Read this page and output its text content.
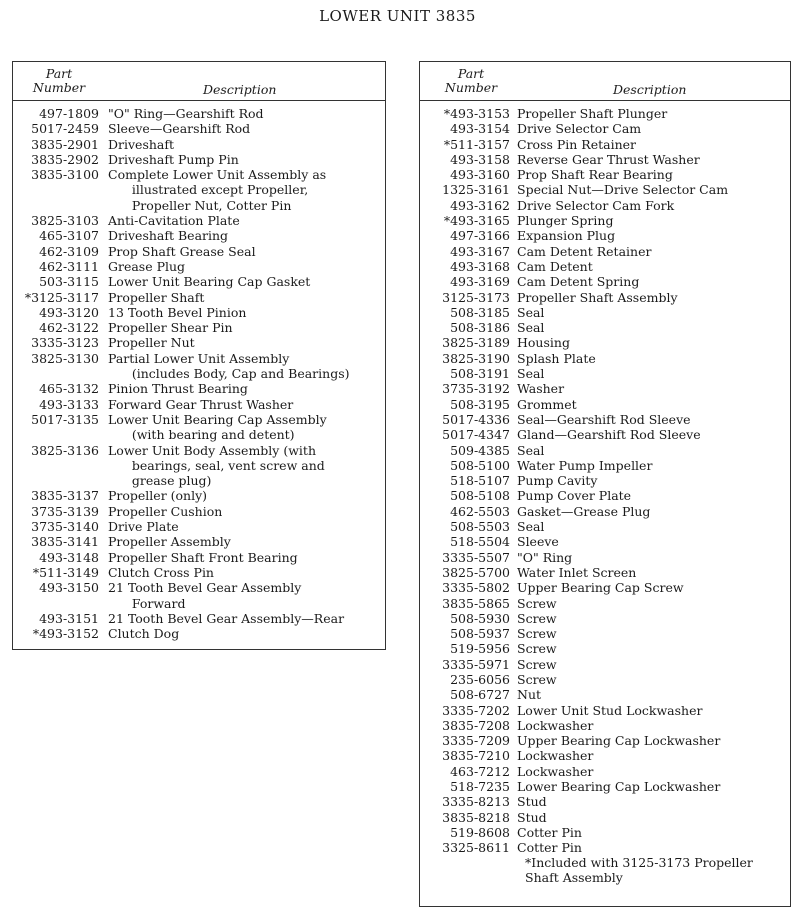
LOWER UNIT 3835
Part
Number	Description
497-1809 "O" Ring—Gearshift Rod
5017-2459 Sleeve—Gearshift Rod
3835-2901 Driveshaft
3835-2902 Driveshaft Pump Pin
3835-3100 Complete Lower Unit Assembly as
illustrated except Propeller,
Propeller Nut, Cotter Pin
3825-3103 Anti-Cavitation Plate
465-3107 Driveshaft Bearing
462-3109 Prop Shaft Grease Seal
462-3111 Grease Plug
503-3115 Lower Unit Bearing Cap Gasket
*3125-3117 Propeller Shaft
493-3120 13 Tooth Bevel Pinion
462-3122 Propeller Shear Pin
3335-3123 Propeller Nut
3825-3130 Partial Lower Unit Assembly
(includes Body, Cap and Bearings)
465-3132 Pinion Thrust Bearing
493-3133 Forward Gear Thrust Washer
5017-3135 Lower Unit Bearing Cap Assembly
(with bearing and detent)
3825-3136 Lower Unit Body Assembly (with
bearings, seal, vent screw and
grease plug)
3835-3137 Propeller (only)
3735-3139 Propeller Cushion
3735-3140 Drive Plate
3835-3141 Propeller Assembly
493-3148 Propeller Shaft Front Bearing
*511-3149 Clutch Cross Pin
493-3150 21 Tooth Bevel Gear Assembly
Forward
493-3151 21 Tooth Bevel Gear Assembly—Rear
*493-3152 Clutch Dog
Part
Number	Description
*493-3153 Propeller Shaft Plunger
493-3154 Drive Selector Cam
*511-3157 Cross Pin Retainer
493-3158 Reverse Gear Thrust Washer
493-3160 Prop Shaft Rear Bearing
1325-3161 Special Nut—Drive Selector Cam
493-3162 Drive Selector Cam Fork
*493-3165 Plunger Spring
497-3166 Expansion Plug
493-3167 Cam Detent Retainer
493-3168 Cam Detent
493-3169 Cam Detent Spring
3125-3173 Propeller Shaft Assembly
508-3185 Seal
508-3186 Seal
3825-3189 Housing
3825-3190 Splash Plate
508-3191 Seal
3735-3192 Washer
508-3195 Grommet
5017-4336 Seal—Gearshift Rod Sleeve
5017-4347 Gland—Gearshift Rod Sleeve
509-4385 Seal
508-5100 Water Pump Impeller
518-5107 Pump Cavity
508-5108 Pump Cover Plate
462-5503 Gasket—Grease Plug
508-5503 Seal
518-5504 Sleeve
3335-5507 "O" Ring
3825-5700 Water Inlet Screen
3335-5802 Upper Bearing Cap Screw
3835-5865 Screw
508-5930 Screw
508-5937 Screw
519-5956 Screw
3335-5971 Screw
235-6056 Screw
508-6727 Nut
3335-7202 Lower Unit Stud Lockwasher
3835-7208 Lockwasher
3335-7209 Upper Bearing Cap Lockwasher
3835-7210 Lockwasher
463-7212 Lockwasher
518-7235 Lower Bearing Cap Lockwasher
3335-8213 Stud
3835-8218 Stud
519-8608 Cotter Pin
3325-8611 Cotter Pin
*Included with 3125-3173 Propeller
Shaft Assembly
